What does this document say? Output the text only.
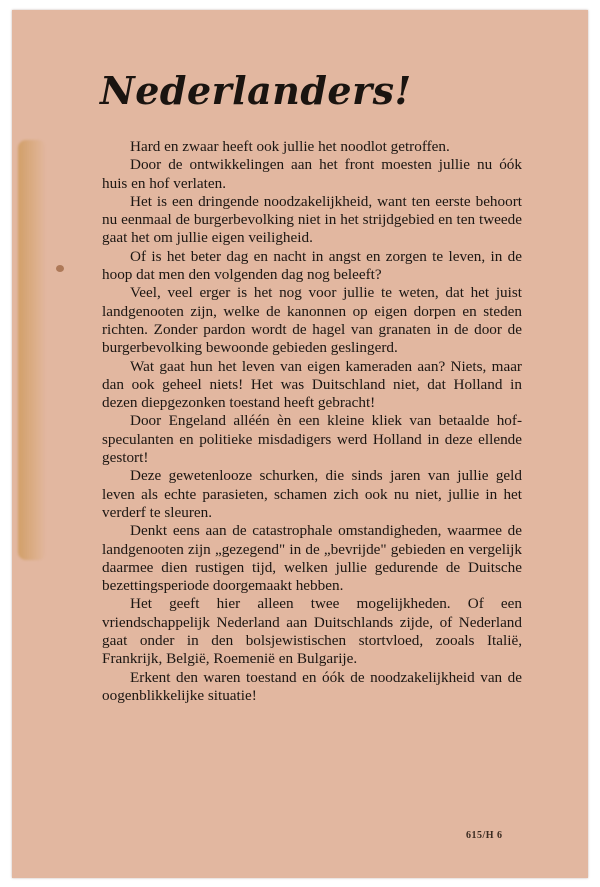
Nederlanders!

Hard en zwaar heeft ook jullie het noodlot getroffen.

Door de ontwikkelingen aan het front moesten jullie nu óók huis en hof verlaten.

Het is een dringende noodzakelijkheid, want ten eerste behoort nu eenmaal de burgerbevolking niet in het strijdgebied en ten tweede gaat het om jullie eigen veiligheid.

Of is het beter dag en nacht in angst en zorgen te leven, in de hoop dat men den volgenden dag nog beleeft?

Veel, veel erger is het nog voor jullie te weten, dat het juist landgenooten zijn, welke de kanonnen op eigen dorpen en steden richten. Zonder pardon wordt de hagel van granaten in de door de burgerbevolking bewoonde gebieden geslingerd.

Wat gaat hun het leven van eigen kameraden aan? Niets, maar dan ook geheel niets! Het was Duitschland niet, dat Holland in dezen diepgezonken toestand heeft gebracht!

Door Engeland alléén èn een kleine kliek van betaalde hof-speculanten en politieke misdadigers werd Holland in deze ellende gestort!

Deze gewetenlooze schurken, die sinds jaren van jullie geld leven als echte parasieten, schamen zich ook nu niet, jullie in het verderf te sleuren.

Denkt eens aan de catastrophale omstandigheden, waarmee de landgenooten zijn „gezegend" in de „bevrijde" gebieden en vergelijk daarmee dien rustigen tijd, welken jullie gedurende de Duitsche bezettingsperiode doorgemaakt hebben.

Het geeft hier alleen twee mogelijkheden. Of een vriendschappelijk Nederland aan Duitschlands zijde, of Nederland gaat onder in den bolsjewistischen stortvloed, zooals Italië, Frankrijk, België, Roemenië en Bulgarije.

Erkent den waren toestand en óók de noodzakelijkheid van de oogenblikkelijke situatie!

615/H 6
